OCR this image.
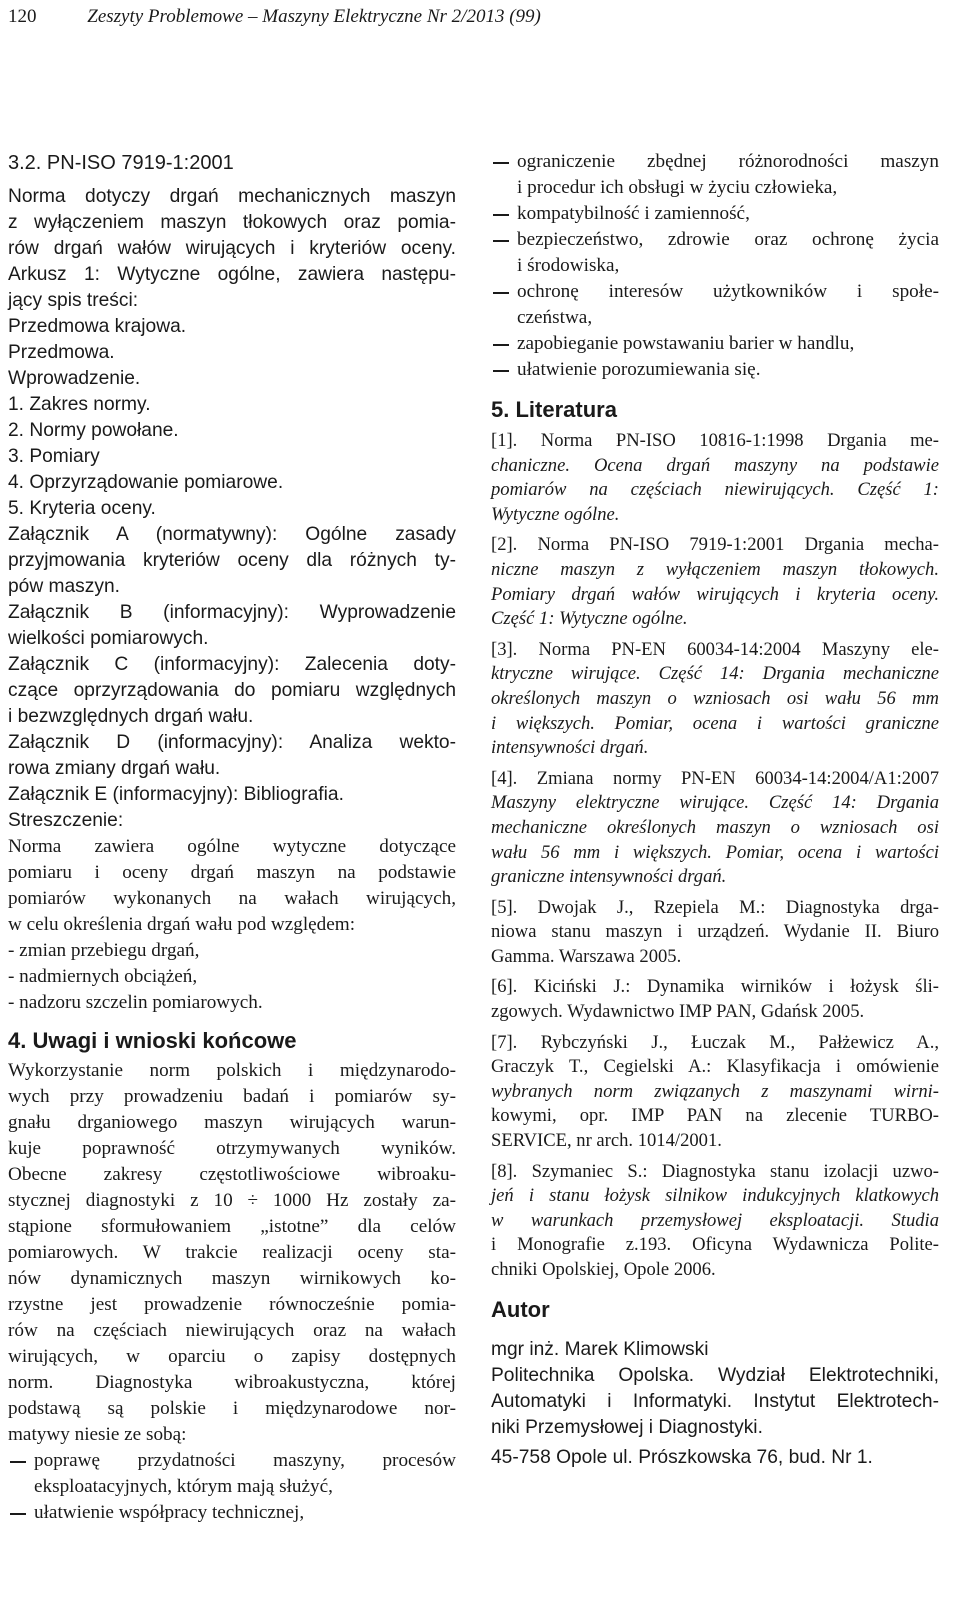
120	Zeszyty Problemowe – Maszyny Elektryczne Nr 2/2013 (99)
3.2. PN-ISO 7919-1:2001
Norma dotyczy drgań mechanicznych maszyn
z wyłączeniem maszyn tłokowych oraz pomia-
rów drgań wałów wirujących i kryteriów oceny.
Arkusz 1: Wytyczne ogólne, zawiera następu-
jący spis treści:
Przedmowa krajowa.
Przedmowa.
Wprowadzenie.
1. Zakres normy.
2. Normy powołane.
3. Pomiary
4. Oprzyrządowanie pomiarowe.
5. Kryteria oceny.
Załącznik A (normatywny): Ogólne zasady
przyjmowania kryteriów oceny dla różnych ty-
pów maszyn.
Załącznik B (informacyjny): Wyprowadzenie
wielkości pomiarowych.
Załącznik C (informacyjny): Zalecenia doty-
czące oprzyrządowania do pomiaru względnych
i bezwzględnych drgań wału.
Załącznik D (informacyjny): Analiza wekto-
rowa zmiany drgań wału.
Załącznik E (informacyjny): Bibliografia.
Streszczenie:
Norma zawiera ogólne wytyczne dotyczące
pomiaru i oceny drgań maszyn na podstawie
pomiarów wykonanych na wałach wirujących,
w celu określenia drgań wału pod względem:
- zmian przebiegu drgań,
- nadmiernych obciążeń,
- nadzoru szczelin pomiarowych.
4. Uwagi i wnioski końcowe
Wykorzystanie norm polskich i międzynarodo-
wych przy prowadzeniu badań i pomiarów sy-
gnału drganiowego maszyn wirujących warun-
kuje poprawność otrzymywanych wyników.
Obecne zakresy częstotliwościowe wibroaku-
stycznej diagnostyki z 10 ÷ 1000 Hz zostały za-
stąpione sformułowaniem „istotne” dla celów
pomiarowych. W trakcie realizacji oceny sta-
nów dynamicznych maszyn wirnikowych ko-
rzystne jest prowadzenie równocześnie pomia-
rów na częściach niewirujących oraz na wałach
wirujących, w oparciu o zapisy dostępnych
norm. Diagnostyka wibroakustyczna, której
podstawą są polskie i międzynarodowe nor-
matywy niesie ze sobą:
poprawę przydatności maszyny, procesów
eksploatacyjnych, którym mają służyć,
ułatwienie współpracy technicznej,
ograniczenie zbędnej różnorodności maszyn
i procedur ich obsługi w życiu człowieka,
kompatybilność i zamienność,
bezpieczeństwo, zdrowie oraz ochronę życia
i środowiska,
ochronę interesów użytkowników i społe-
czeństwa,
zapobieganie powstawaniu barier w handlu,
ułatwienie porozumiewania się.
5. Literatura
[1]. Norma PN-ISO 10816-1:1998 Drgania me-
chaniczne. Ocena drgań maszyny na podstawie
pomiarów na częściach niewirujących. Część 1:
Wytyczne ogólne.
[2]. Norma PN-ISO 7919-1:2001 Drgania mecha-
niczne maszyn z wyłączeniem maszyn tłokowych.
Pomiary drgań wałów wirujących i kryteria oceny.
Część 1: Wytyczne ogólne.
[3]. Norma PN-EN 60034-14:2004 Maszyny ele-
ktryczne wirujące. Część 14: Drgania mechaniczne
określonych maszyn o wzniosach osi wału 56 mm
i większych. Pomiar, ocena i wartości graniczne
intensywności drgań.
[4]. Zmiana normy PN-EN 60034-14:2004/A1:2007
Maszyny elektryczne wirujące. Część 14: Drgania
mechaniczne określonych maszyn o wzniosach osi
wału 56 mm i większych. Pomiar, ocena i wartości
graniczne intensywności drgań.
[5]. Dwojak J., Rzepiela M.: Diagnostyka drga-
niowa stanu maszyn i urządzeń. Wydanie II. Biuro
Gamma. Warszawa 2005.
[6]. Kiciński J.: Dynamika wirników i łożysk śli-
zgowych. Wydawnictwo IMP PAN, Gdańsk 2005.
[7]. Rybczyński J., Łuczak M., Pałżewicz A.,
Graczyk T., Cegielski A.: Klasyfikacja i omówienie
wybranych norm związanych z maszynami wirni-
kowymi, opr. IMP PAN na zlecenie TURBO-
SERVICE, nr arch. 1014/2001.
[8]. Szymaniec S.: Diagnostyka stanu izolacji uzwo-
jeń i stanu łożysk silnikow indukcyjnych klatkowych
w warunkach przemysłowej eksploatacji. Studia
i Monografie z.193. Oficyna Wydawnicza Polite-
chniki Opolskiej, Opole 2006.
Autor
mgr inż. Marek Klimowski
Politechnika Opolska. Wydział Elektrotechniki,
Automatyki i Informatyki. Instytut Elektrotech-
niki Przemysłowej i Diagnostyki.
45-758 Opole ul. Prószkowska 76, bud. Nr 1.
